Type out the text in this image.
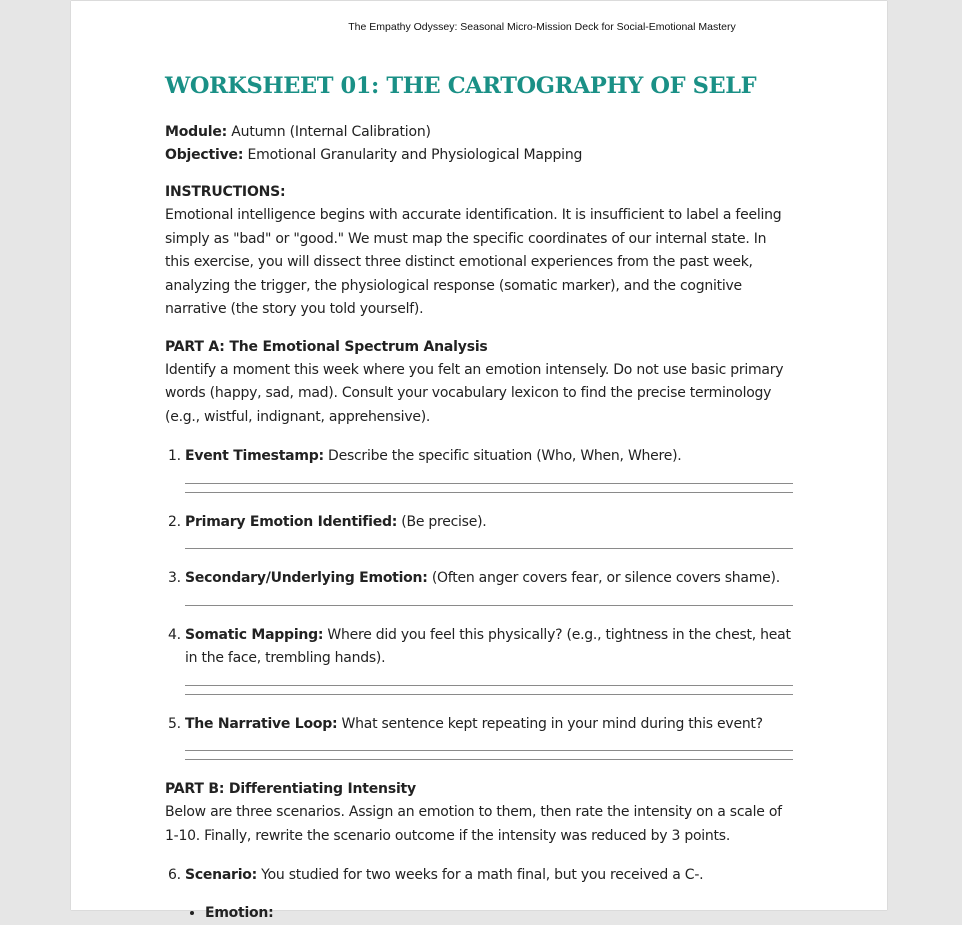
The Empathy Odyssey: Seasonal Micro-Mission Deck for Social-Emotional Mastery
WORKSHEET 01: THE CARTOGRAPHY OF SELF
Module: Autumn (Internal Calibration)
Objective: Emotional Granularity and Physiological Mapping
INSTRUCTIONS:

Emotional intelligence begins with accurate identification. It is insufficient to label a feeling simply as "bad" or "good." We must map the specific coordinates of our internal state. In this exercise, you will dissect three distinct emotional experiences from the past week, analyzing the trigger, the physiological response (somatic marker), and the cognitive narrative (the story you told yourself).

PART A: The Emotional Spectrum Analysis

Identify a moment this week where you felt an emotion intensely. Do not use basic primary words (happy, sad, mad). Consult your vocabulary lexicon to find the precise terminology (e.g., wistful, indignant, apprehensive).

1. Event Timestamp: Describe the specific situation (Who, When, Where).
2. Primary Emotion Identified: (Be precise).
3. Secondary/Underlying Emotion: (Often anger covers fear, or silence covers shame).
4. Somatic Mapping: Where did you feel this physically? (e.g., tightness in the chest, heat in the face, trembling hands).
5. The Narrative Loop: What sentence kept repeating in your mind during this event?
PART B: Differentiating Intensity

Below are three scenarios. Assign an emotion to them, then rate the intensity on a scale of 1-10. Finally, rewrite the scenario outcome if the intensity was reduced by 3 points.

6. Scenario: You studied for two weeks for a math final, but you received a C-.
• Emotion:
